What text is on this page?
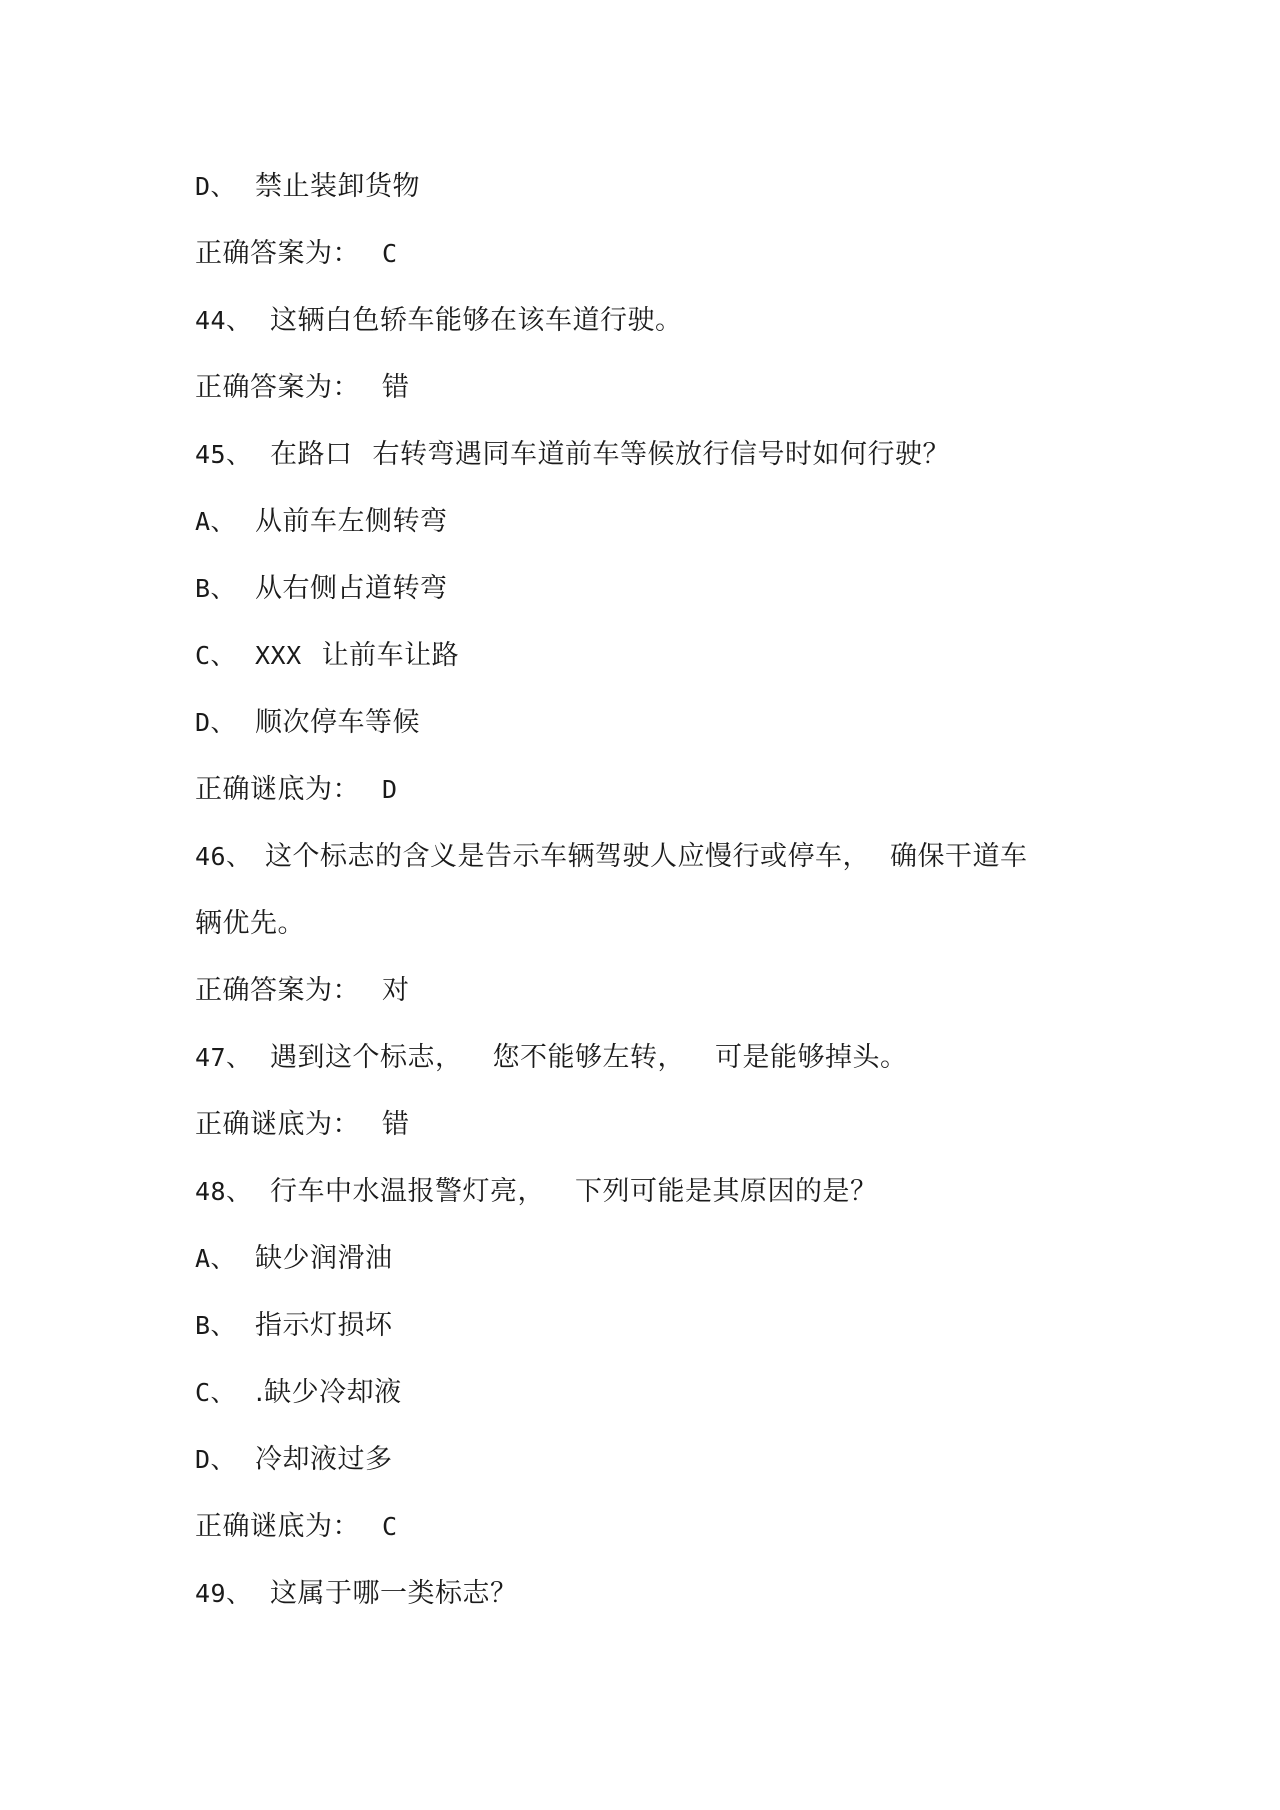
D、 禁止装卸货物
正确答案为： C
44、 这辆白色轿车能够在该车道行驶。
正确答案为： 错
45、 在路口 右转弯遇同车道前车等候放行信号时如何行驶？
A、 从前车左侧转弯
B、 从右侧占道转弯
C、 XXX 让前车让路
D、 顺次停车等候
正确谜底为： D
46、 这个标志的含义是告示车辆驾驶人应慢行或停车， 确保干道车
辆优先。
正确答案为： 对
47、 遇到这个标志， 您不能够左转， 可是能够掉头。
正确谜底为： 错
48、 行车中水温报警灯亮， 下列可能是其原因的是？
A、 缺少润滑油
B、 指示灯损坏
C、 .缺少冷却液
D、 冷却液过多
正确谜底为： C
49、 这属于哪一类标志？
